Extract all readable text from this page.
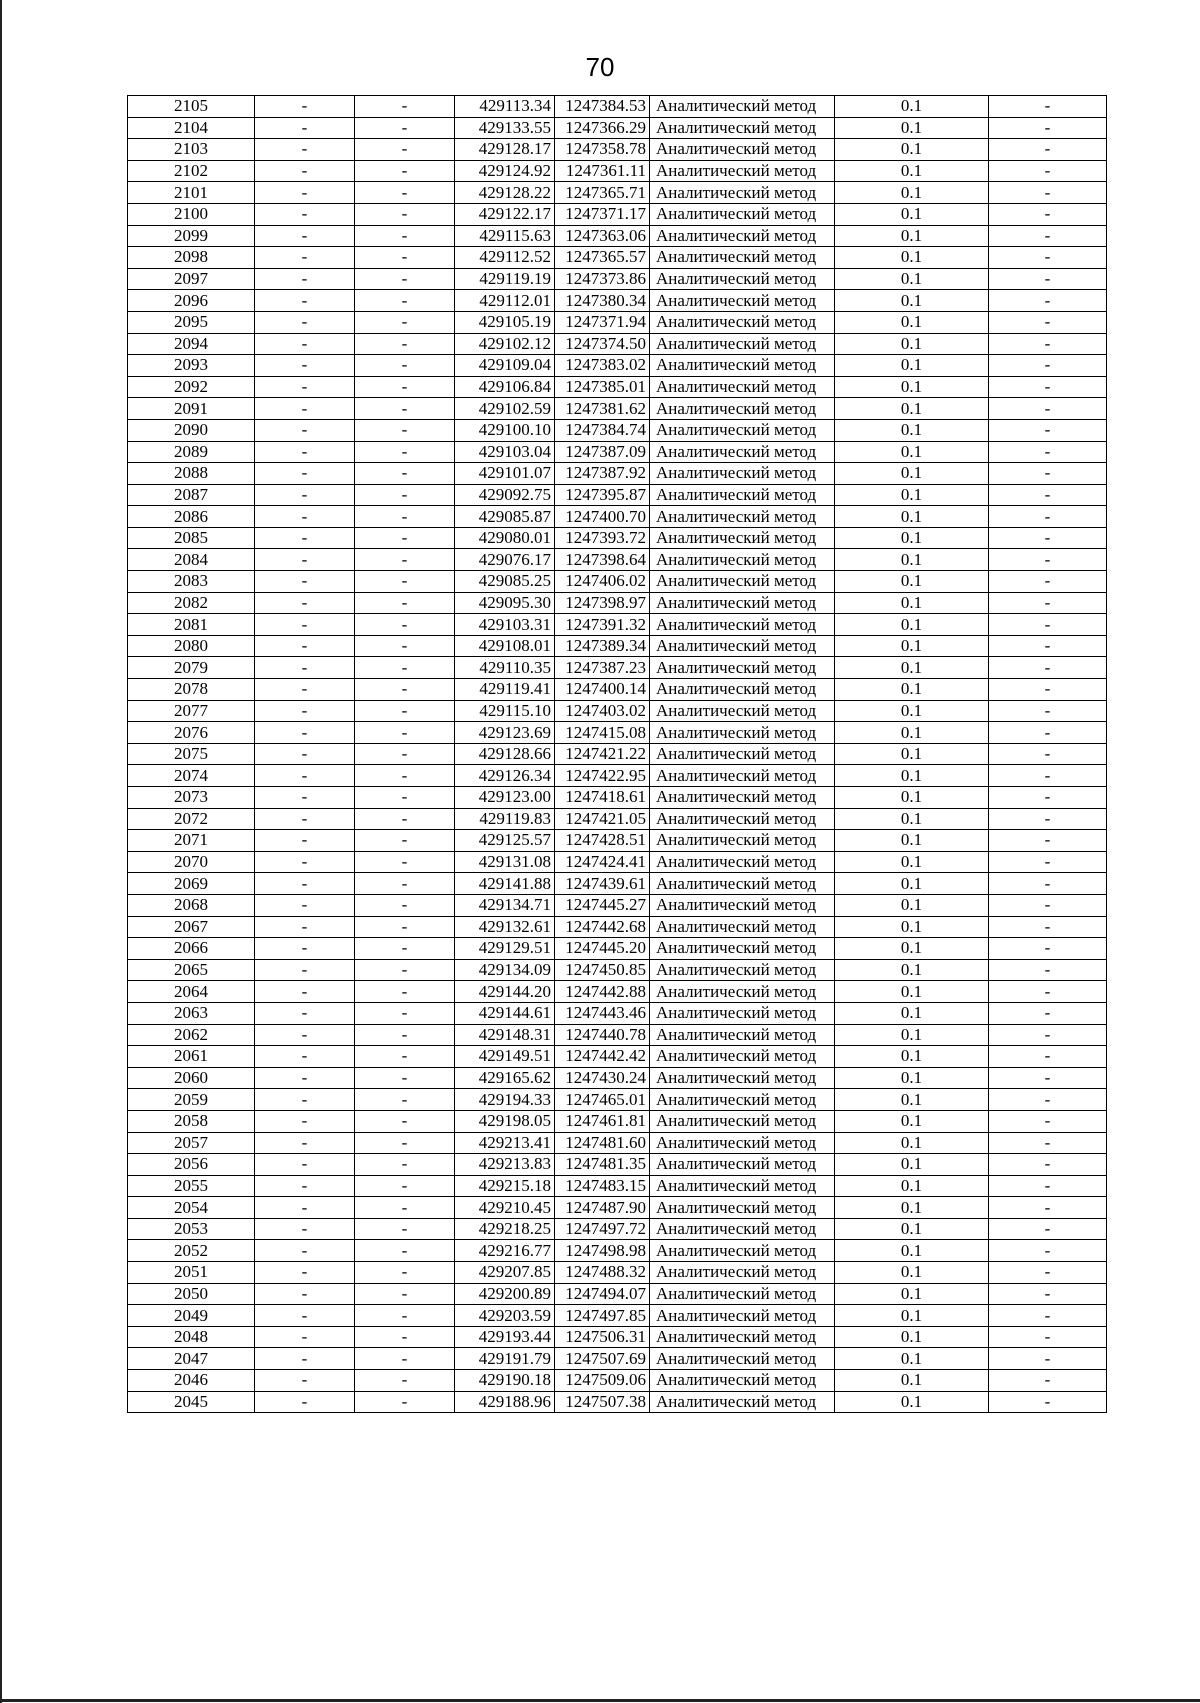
70
2105	-	-	429113.34	1247384.53	Аналитический метод	0.1	-
2104	-	-	429133.55	1247366.29	Аналитический метод	0.1	-
2103	-	-	429128.17	1247358.78	Аналитический метод	0.1	-
2102	-	-	429124.92	1247361.11	Аналитический метод	0.1	-
2101	-	-	429128.22	1247365.71	Аналитический метод	0.1	-
2100	-	-	429122.17	1247371.17	Аналитический метод	0.1	-
2099	-	-	429115.63	1247363.06	Аналитический метод	0.1	-
2098	-	-	429112.52	1247365.57	Аналитический метод	0.1	-
2097	-	-	429119.19	1247373.86	Аналитический метод	0.1	-
2096	-	-	429112.01	1247380.34	Аналитический метод	0.1	-
2095	-	-	429105.19	1247371.94	Аналитический метод	0.1	-
2094	-	-	429102.12	1247374.50	Аналитический метод	0.1	-
2093	-	-	429109.04	1247383.02	Аналитический метод	0.1	-
2092	-	-	429106.84	1247385.01	Аналитический метод	0.1	-
2091	-	-	429102.59	1247381.62	Аналитический метод	0.1	-
2090	-	-	429100.10	1247384.74	Аналитический метод	0.1	-
2089	-	-	429103.04	1247387.09	Аналитический метод	0.1	-
2088	-	-	429101.07	1247387.92	Аналитический метод	0.1	-
2087	-	-	429092.75	1247395.87	Аналитический метод	0.1	-
2086	-	-	429085.87	1247400.70	Аналитический метод	0.1	-
2085	-	-	429080.01	1247393.72	Аналитический метод	0.1	-
2084	-	-	429076.17	1247398.64	Аналитический метод	0.1	-
2083	-	-	429085.25	1247406.02	Аналитический метод	0.1	-
2082	-	-	429095.30	1247398.97	Аналитический метод	0.1	-
2081	-	-	429103.31	1247391.32	Аналитический метод	0.1	-
2080	-	-	429108.01	1247389.34	Аналитический метод	0.1	-
2079	-	-	429110.35	1247387.23	Аналитический метод	0.1	-
2078	-	-	429119.41	1247400.14	Аналитический метод	0.1	-
2077	-	-	429115.10	1247403.02	Аналитический метод	0.1	-
2076	-	-	429123.69	1247415.08	Аналитический метод	0.1	-
2075	-	-	429128.66	1247421.22	Аналитический метод	0.1	-
2074	-	-	429126.34	1247422.95	Аналитический метод	0.1	-
2073	-	-	429123.00	1247418.61	Аналитический метод	0.1	-
2072	-	-	429119.83	1247421.05	Аналитический метод	0.1	-
2071	-	-	429125.57	1247428.51	Аналитический метод	0.1	-
2070	-	-	429131.08	1247424.41	Аналитический метод	0.1	-
2069	-	-	429141.88	1247439.61	Аналитический метод	0.1	-
2068	-	-	429134.71	1247445.27	Аналитический метод	0.1	-
2067	-	-	429132.61	1247442.68	Аналитический метод	0.1	-
2066	-	-	429129.51	1247445.20	Аналитический метод	0.1	-
2065	-	-	429134.09	1247450.85	Аналитический метод	0.1	-
2064	-	-	429144.20	1247442.88	Аналитический метод	0.1	-
2063	-	-	429144.61	1247443.46	Аналитический метод	0.1	-
2062	-	-	429148.31	1247440.78	Аналитический метод	0.1	-
2061	-	-	429149.51	1247442.42	Аналитический метод	0.1	-
2060	-	-	429165.62	1247430.24	Аналитический метод	0.1	-
2059	-	-	429194.33	1247465.01	Аналитический метод	0.1	-
2058	-	-	429198.05	1247461.81	Аналитический метод	0.1	-
2057	-	-	429213.41	1247481.60	Аналитический метод	0.1	-
2056	-	-	429213.83	1247481.35	Аналитический метод	0.1	-
2055	-	-	429215.18	1247483.15	Аналитический метод	0.1	-
2054	-	-	429210.45	1247487.90	Аналитический метод	0.1	-
2053	-	-	429218.25	1247497.72	Аналитический метод	0.1	-
2052	-	-	429216.77	1247498.98	Аналитический метод	0.1	-
2051	-	-	429207.85	1247488.32	Аналитический метод	0.1	-
2050	-	-	429200.89	1247494.07	Аналитический метод	0.1	-
2049	-	-	429203.59	1247497.85	Аналитический метод	0.1	-
2048	-	-	429193.44	1247506.31	Аналитический метод	0.1	-
2047	-	-	429191.79	1247507.69	Аналитический метод	0.1	-
2046	-	-	429190.18	1247509.06	Аналитический метод	0.1	-
2045	-	-	429188.96	1247507.38	Аналитический метод	0.1	-
